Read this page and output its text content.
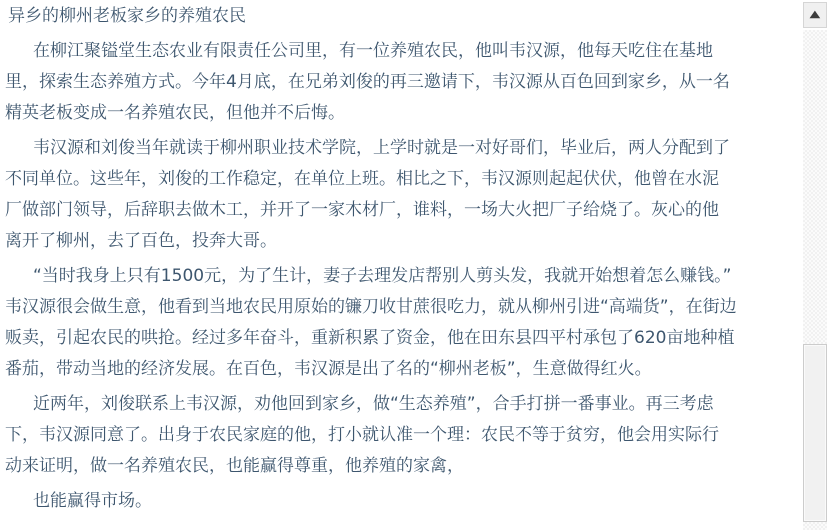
异乡的柳州老板家乡的养殖农民
在柳江聚镒堂生态农业有限责任公司里，有一位养殖农民，他叫韦汉源，他每天吃住在基地
里，探索生态养殖方式。今年4月底，在兄弟刘俊的再三邀请下，韦汉源从百色回到家乡，从一名
精英老板变成一名养殖农民，但他并不后悔。
韦汉源和刘俊当年就读于柳州职业技术学院，上学时就是一对好哥们，毕业后，两人分配到了
不同单位。这些年，刘俊的工作稳定，在单位上班。相比之下，韦汉源则起起伏伏，他曾在水泥
厂做部门领导，后辞职去做木工，并开了一家木材厂，谁料，一场大火把厂子给烧了。灰心的他
离开了柳州，去了百色，投奔大哥。
“当时我身上只有1500元，为了生计，妻子去理发店帮别人剪头发，我就开始想着怎么赚钱。”
韦汉源很会做生意，他看到当地农民用原始的镰刀收甘蔗很吃力，就从柳州引进“高端货”，在街边
贩卖，引起农民的哄抢。经过多年奋斗，重新积累了资金，他在田东县四平村承包了620亩地种植
番茄，带动当地的经济发展。在百色，韦汉源是出了名的“柳州老板”，生意做得红火。
近两年，刘俊联系上韦汉源，劝他回到家乡，做“生态养殖”，合手打拼一番事业。再三考虑
下，韦汉源同意了。出身于农民家庭的他，打小就认准一个理：农民不等于贫穷，他会用实际行
动来证明，做一名养殖农民，也能赢得尊重，他养殖的家禽，
也能赢得市场。
▲
